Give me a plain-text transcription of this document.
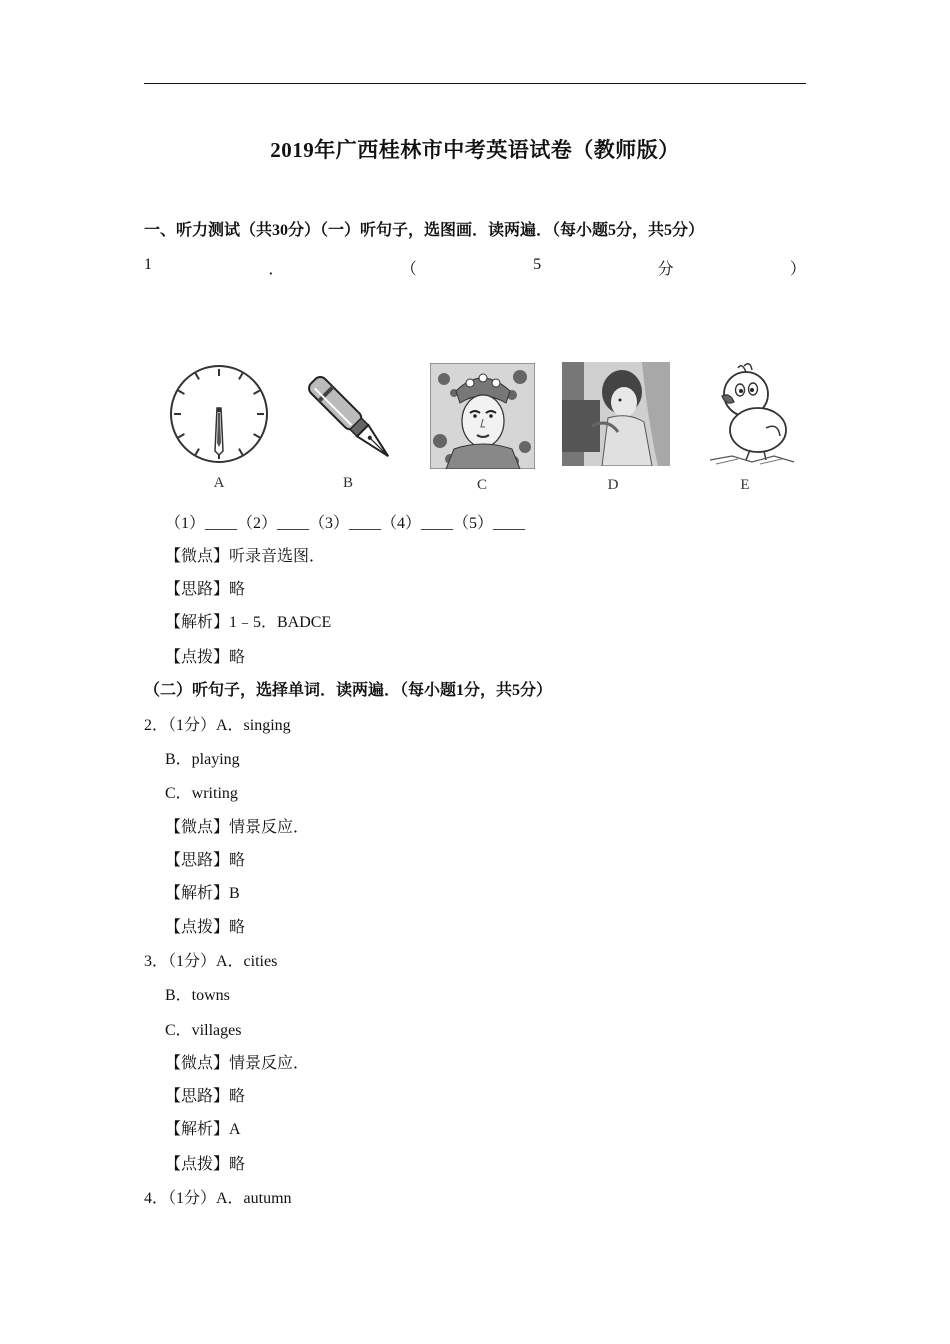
2019年广西桂林市中考英语试卷（教师版）
一、听力测试（共30分）（一）听句子，选图画．读两遍．（每小题5分，共5分）
1	．	（	5	分	）
A	B	C	D	E
（1）____（2）____（3）____（4）____（5）____
【微点】听录音选图．
【思路】略
【解析】1﹣5．BADCE
【点拨】略
（二）听句子，选择单词．读两遍．（每小题1分，共5分）
2．（1分）A．singing
B．playing
C．writing
【微点】情景反应．
【思路】略
【解析】B
【点拨】略
3．（1分）A．cities
B．towns
C．villages
【微点】情景反应．
【思路】略
【解析】A
【点拨】略
4．（1分）A．autumn
